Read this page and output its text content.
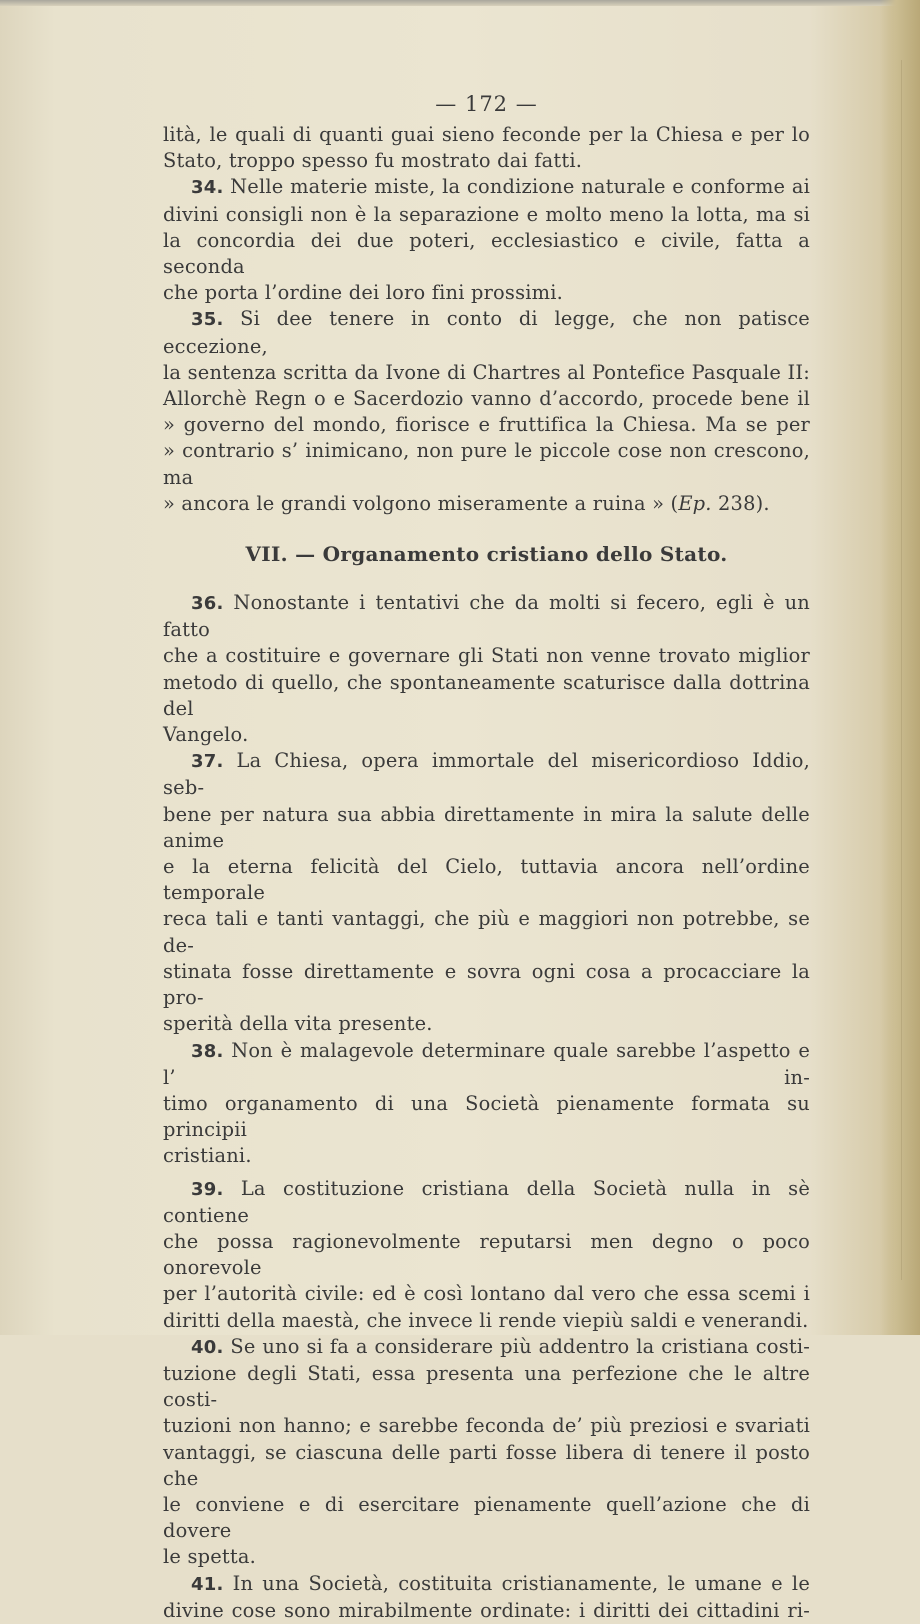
— 172 —

lità, le quali di quanti guai sieno feconde per la Chiesa e per lo

Stato, troppo spesso fu mostrato dai fatti.

34. Nelle materie miste, la condizione naturale e conforme ai

divini consigli non è la separazione e molto meno la lotta, ma si

la concordia dei due poteri, ecclesiastico e civile, fatta a seconda

che porta l’ordine dei loro fini prossimi.

35. Si dee tenere in conto di legge, che non patisce eccezione,

la sentenza scritta da Ivone di Chartres al Pontefice Pasquale II:

Allorchè Regn o e Sacerdozio vanno d’accordo, procede bene il

» governo del mondo, fiorisce e fruttifica la Chiesa. Ma se per

» contrario s’ inimicano, non pure le piccole cose non crescono, ma

» ancora le grandi volgono miseramente a ruina » (Ep. 238).

VII. — Organamento cristiano dello Stato.

36. Nonostante i tentativi che da molti si fecero, egli è un fatto

che a costituire e governare gli Stati non venne trovato miglior

metodo di quello, che spontaneamente scaturisce dalla dottrina del

Vangelo.

37. La Chiesa, opera immortale del misericordioso Iddio, seb-

bene per natura sua abbia direttamente in mira la salute delle anime

e la eterna felicità del Cielo, tuttavia ancora nell’ordine temporale

reca tali e tanti vantaggi, che più e maggiori non potrebbe, se de-

stinata fosse direttamente e sovra ogni cosa a procacciare la pro-

sperità della vita presente.

38. Non è malagevole determinare quale sarebbe l’aspetto e l’ in-

timo organamento di una Società pienamente formata su principii

cristiani.

39. La costituzione cristiana della Società nulla in sè contiene

che possa ragionevolmente reputarsi men degno o poco onorevole

per l’autorità civile: ed è così lontano dal vero che essa scemi i

diritti della maestà, che invece li rende viepiù saldi e venerandi.

40. Se uno si fa a considerare più addentro la cristiana costi-

tuzione degli Stati, essa presenta una perfezione che le altre costi-

tuzioni non hanno; e sarebbe feconda de’ più preziosi e svariati

vantaggi, se ciascuna delle parti fosse libera di tenere il posto che

le conviene e di esercitare pienamente quell’azione che di dovere

le spetta.

41. In una Società, costituita cristianamente, le umane e le

divine cose sono mirabilmente ordinate: i diritti dei cittadini ri-
